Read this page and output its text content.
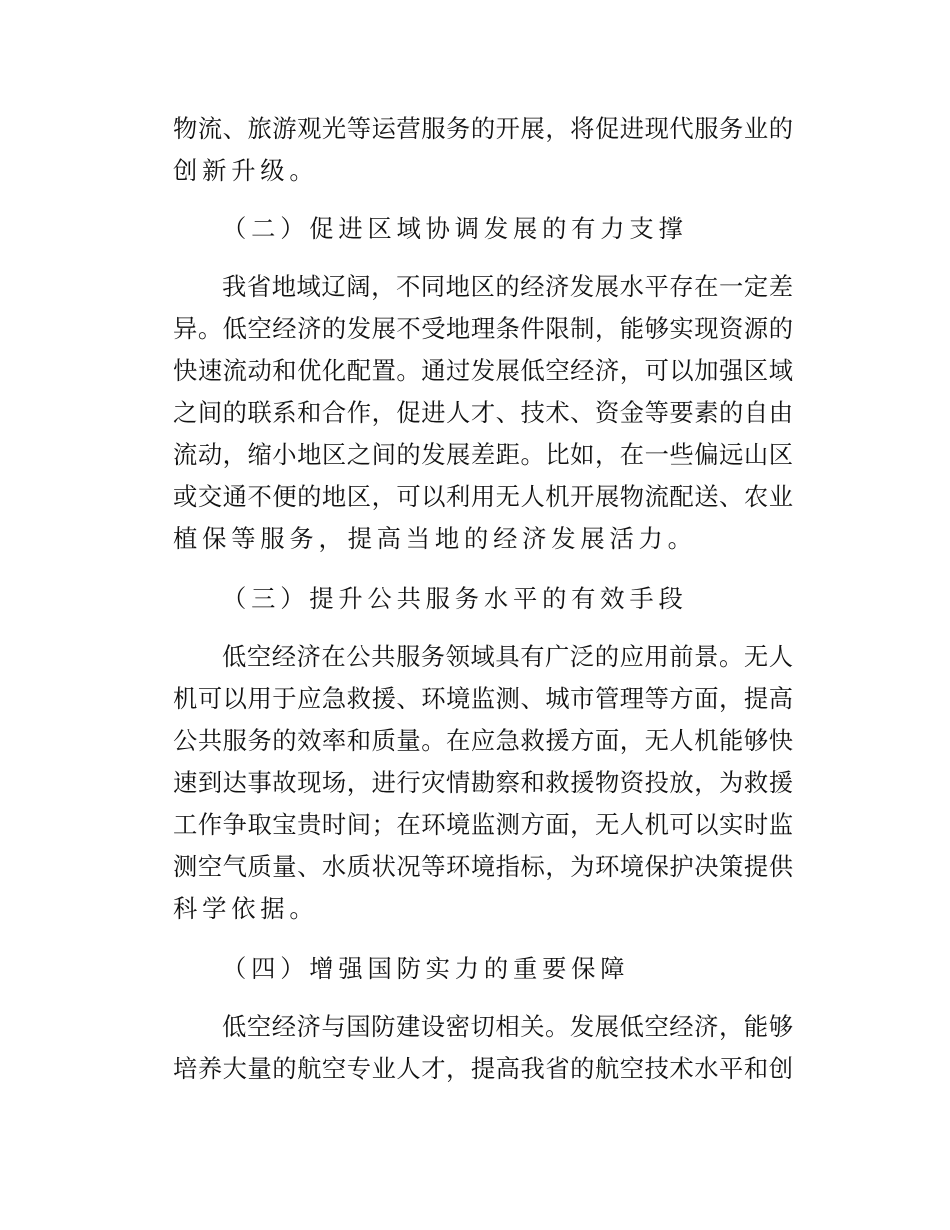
物流、旅游观光等运营服务的开展，将促进现代服务业的
创新升级。
（二）促进区域协调发展的有力支撑
我省地域辽阔，不同地区的经济发展水平存在一定差
异。低空经济的发展不受地理条件限制，能够实现资源的
快速流动和优化配置。通过发展低空经济，可以加强区域
之间的联系和合作，促进人才、技术、资金等要素的自由
流动，缩小地区之间的发展差距。比如，在一些偏远山区
或交通不便的地区，可以利用无人机开展物流配送、农业
植保等服务，提高当地的经济发展活力。
（三）提升公共服务水平的有效手段
低空经济在公共服务领域具有广泛的应用前景。无人
机可以用于应急救援、环境监测、城市管理等方面，提高
公共服务的效率和质量。在应急救援方面，无人机能够快
速到达事故现场，进行灾情勘察和救援物资投放，为救援
工作争取宝贵时间；在环境监测方面，无人机可以实时监
测空气质量、水质状况等环境指标，为环境保护决策提供
科学依据。
（四）增强国防实力的重要保障
低空经济与国防建设密切相关。发展低空经济，能够
培养大量的航空专业人才，提高我省的航空技术水平和创
